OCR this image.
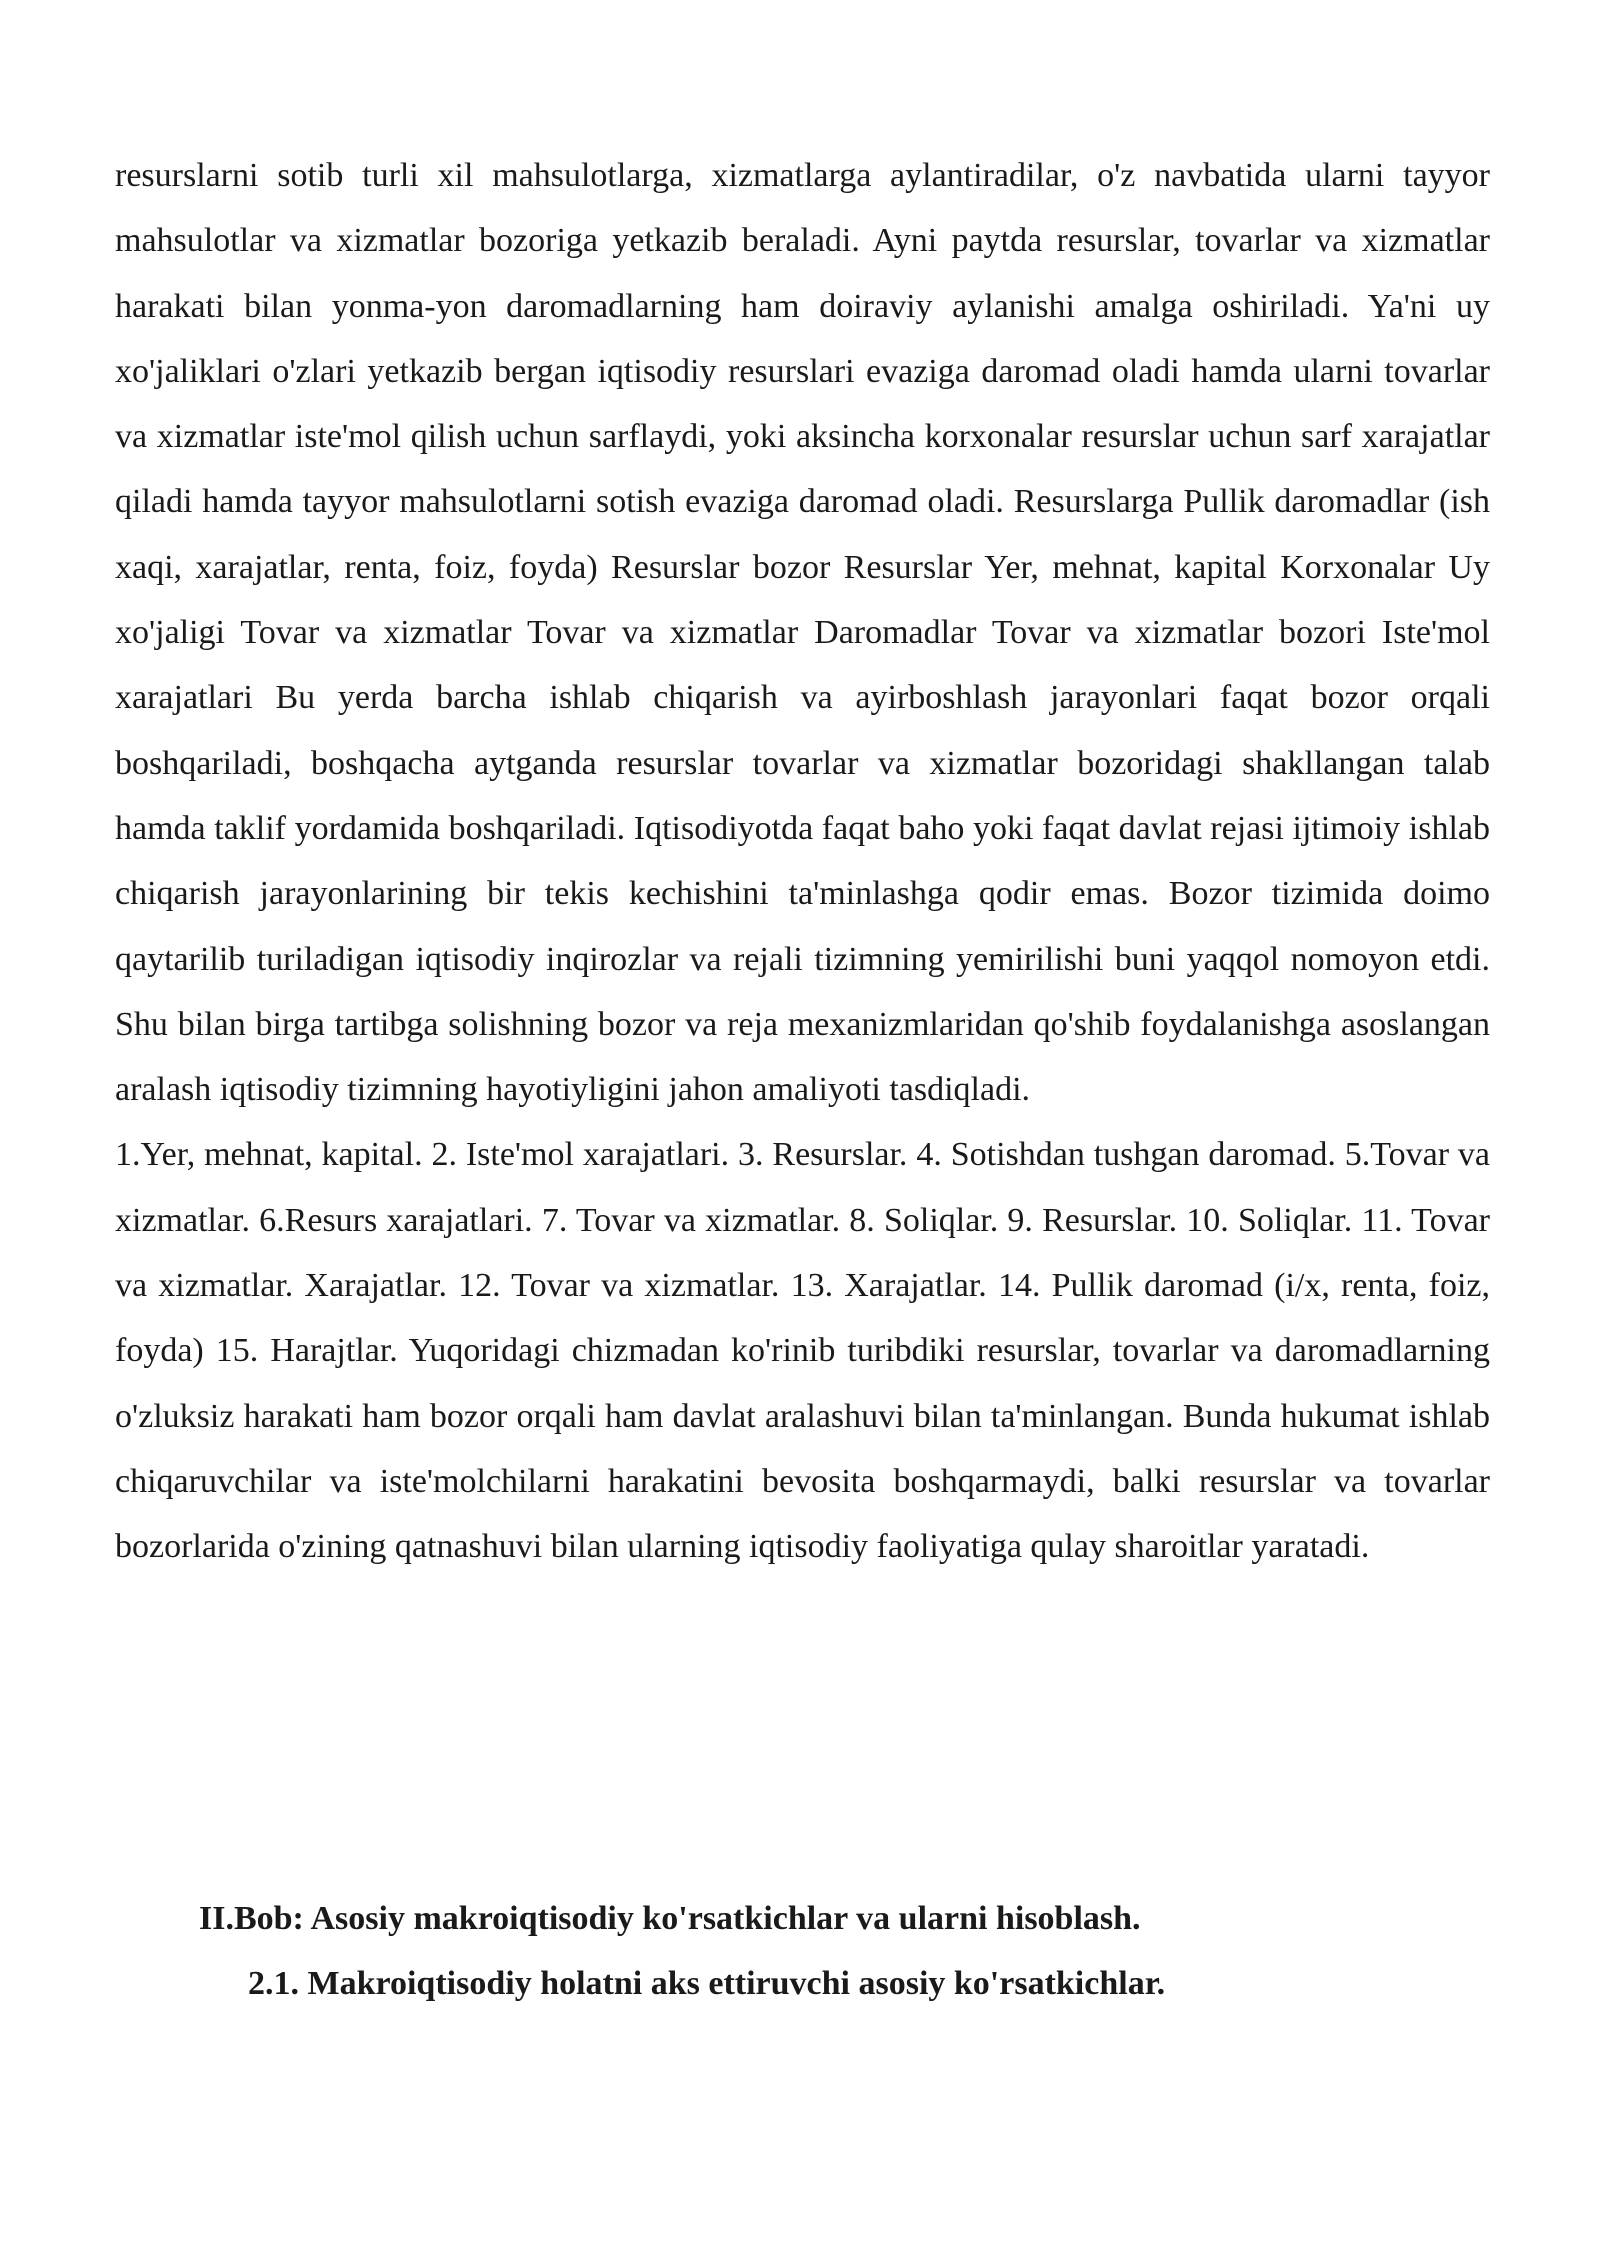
resurslarni sotib turli xil mahsulotlarga, xizmatlarga aylantiradilar, o'z navbatida ularni tayyor mahsulotlar va xizmatlar bozoriga yetkazib beraladi. Ayni paytda resurslar, tovarlar va xizmatlar harakati bilan yonma-yon daromadlarning ham doiraviy aylanishi amalga oshiriladi. Ya'ni uy xo'jaliklari o'zlari yetkazib bergan iqtisodiy resurslari evaziga daromad oladi hamda ularni tovarlar va xizmatlar iste'mol qilish uchun sarflaydi, yoki aksincha korxonalar resurslar uchun sarf xarajatlar qiladi hamda tayyor mahsulotlarni sotish evaziga daromad oladi. Resurslarga Pullik daromadlar (ish xaqi, xarajatlar, renta, foiz, foyda) Resurslar bozor Resurslar Yer, mehnat, kapital Korxonalar Uy xo'jaligi Tovar va xizmatlar Tovar va xizmatlar Daromadlar Tovar va xizmatlar bozori Iste'mol xarajatlari Bu yerda barcha ishlab chiqarish va ayirboshlash jarayonlari faqat bozor orqali boshqariladi, boshqacha aytganda resurslar tovarlar va xizmatlar bozoridagi shakllangan talab hamda taklif yordamida boshqariladi. Iqtisodiyotda faqat baho yoki faqat davlat rejasi ijtimoiy ishlab chiqarish jarayonlarining bir tekis kechishini ta'minlashga qodir emas. Bozor tizimida doimo qaytarilib turiladigan iqtisodiy inqirozlar va rejali tizimning yemirilishi buni yaqqol nomoyon etdi. Shu bilan birga tartibga solishning bozor va reja mexanizmlaridan qo'shib foydalanishga asoslangan aralash iqtisodiy tizimning hayotiyligini jahon amaliyoti tasdiqladi.

1.Yer, mehnat, kapital. 2. Iste'mol xarajatlari. 3. Resurslar. 4. Sotishdan tushgan daromad. 5.Tovar va xizmatlar. 6.Resurs xarajatlari. 7. Tovar va xizmatlar. 8. Soliqlar. 9. Resurslar. 10. Soliqlar. 11. Tovar va xizmatlar. Xarajatlar. 12. Tovar va xizmatlar. 13. Xarajatlar. 14. Pullik daromad (i/x, renta, foiz, foyda) 15. Harajtlar. Yuqoridagi chizmadan ko'rinib turibdiki resurslar, tovarlar va daromadlarning o'zluksiz harakati ham bozor orqali ham davlat aralashuvi bilan ta'minlangan. Bunda hukumat ishlab chiqaruvchilar va iste'molchilarni harakatini bevosita boshqarmaydi, balki resurslar va tovarlar bozorlarida o'zining qatnashuvi bilan ularning iqtisodiy faoliyatiga qulay sharoitlar yaratadi.

II.Bob: Asosiy makroiqtisodiy ko'rsatkichlar va ularni hisoblash.
2.1. Makroiqtisodiy holatni aks ettiruvchi asosiy ko'rsatkichlar.
